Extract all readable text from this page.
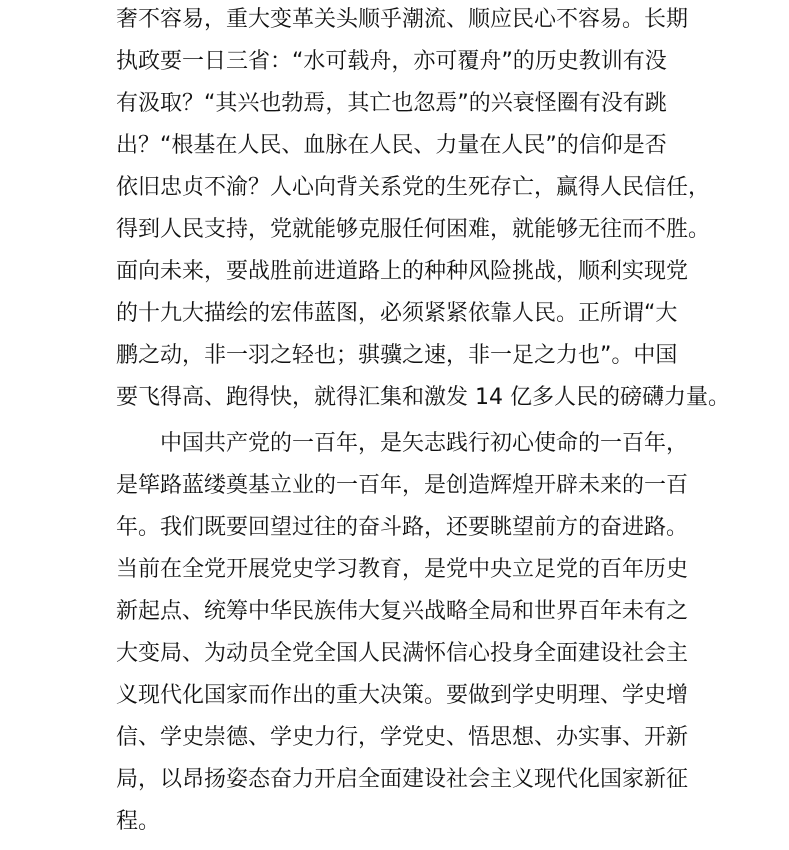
奢不容易，重大变革关头顺乎潮流、顺应民心不容易。长期
执政要一日三省：“水可载舟，亦可覆舟”的历史教训有没
有汲取？“其兴也勃焉，其亡也忽焉”的兴衰怪圈有没有跳
出？“根基在人民、血脉在人民、力量在人民”的信仰是否
依旧忠贞不渝？人心向背关系党的生死存亡，赢得人民信任，
得到人民支持，党就能够克服任何困难，就能够无往而不胜。
面向未来，要战胜前进道路上的种种风险挑战，顺利实现党
的十九大描绘的宏伟蓝图，必须紧紧依靠人民。正所谓“大
鹏之动，非一羽之轻也；骐骥之速，非一足之力也”。中国
要飞得高、跑得快，就得汇集和激发 14 亿多人民的磅礴力量。
中国共产党的一百年，是矢志践行初心使命的一百年，
是筚路蓝缕奠基立业的一百年，是创造辉煌开辟未来的一百
年。我们既要回望过往的奋斗路，还要眺望前方的奋进路。
当前在全党开展党史学习教育，是党中央立足党的百年历史
新起点、统筹中华民族伟大复兴战略全局和世界百年未有之
大变局、为动员全党全国人民满怀信心投身全面建设社会主
义现代化国家而作出的重大决策。要做到学史明理、学史增
信、学史崇德、学史力行，学党史、悟思想、办实事、开新
局，以昂扬姿态奋力开启全面建设社会主义现代化国家新征
程。
